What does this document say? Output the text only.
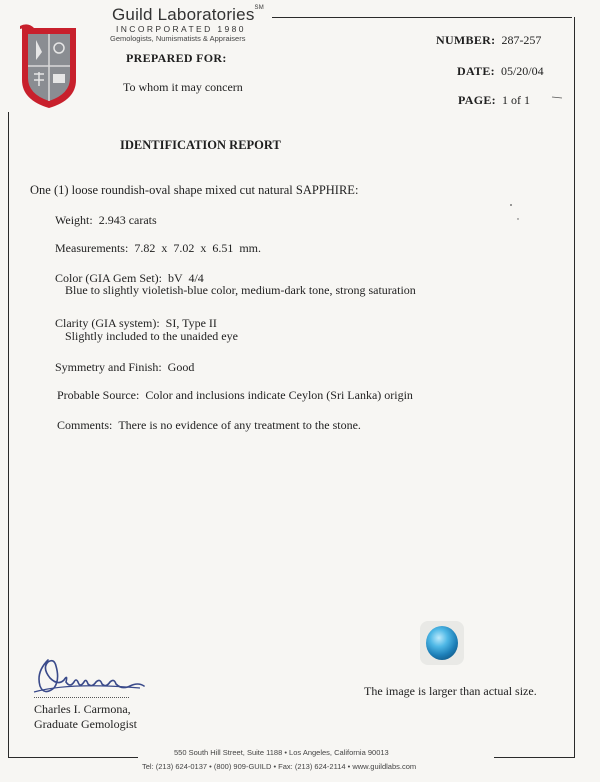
Guild Laboratories℠
INCORPORATED 1980
Gemologists, Numismatists & Appraisers
PREPARED FOR:
To whom it may concern
NUMBER: 287-257
DATE: 05/20/04
PAGE: 1 of 1
IDENTIFICATION REPORT
One (1) loose roundish-oval shape mixed cut natural SAPPHIRE:
Weight: 2.943 carats
Measurements: 7.82  x  7.02  x  6.51  mm.
Color (GIA Gem Set): bV  4/4
Blue to slightly violetish-blue color, medium-dark tone, strong saturation
Clarity (GIA system): SI, Type II
Slightly included to the unaided eye
Symmetry and Finish: Good
Probable Source: Color and inclusions indicate Ceylon (Sri Lanka) origin
Comments: There is no evidence of any treatment to the stone.
The image is larger than actual size.
Charles I. Carmona,
Graduate Gemologist
550 South Hill Street, Suite 1188 • Los Angeles, California 90013
Tel: (213) 624-0137 • (800) 909-GUILD • Fax: (213) 624-2114 • www.guildlabs.com
